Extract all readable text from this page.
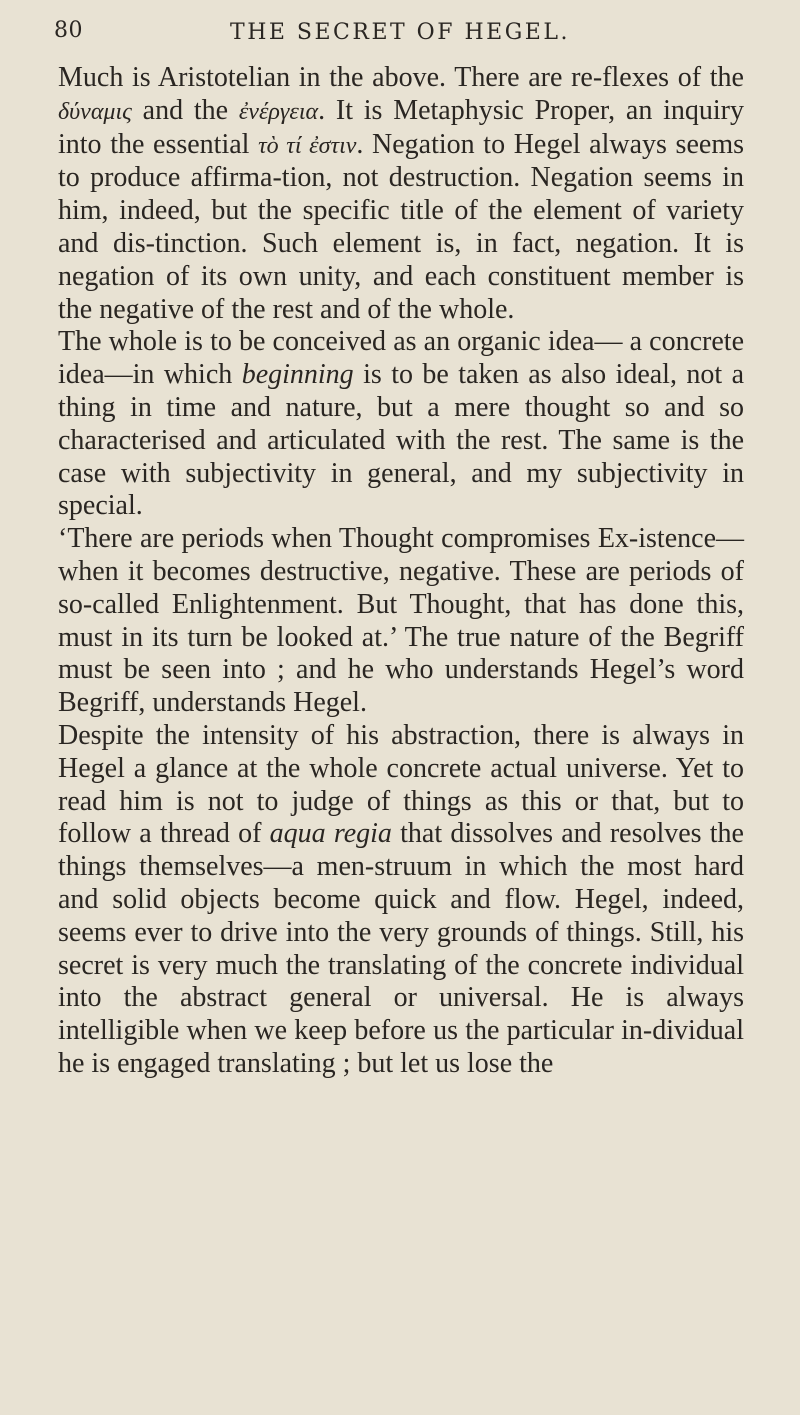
80	THE SECRET OF HEGEL.

Much is Aristotelian in the above. There are re-flexes of the δύναμις and the ἐνέργεια. It is Metaphysic Proper, an inquiry into the essential τὸ τί ἐστιν. Negation to Hegel always seems to produce affirma-tion, not destruction. Negation seems in him, indeed, but the specific title of the element of variety and dis-tinction. Such element is, in fact, negation. It is negation of its own unity, and each constituent member is the negative of the rest and of the whole.

The whole is to be conceived as an organic idea— a concrete idea—in which beginning is to be taken as also ideal, not a thing in time and nature, but a mere thought so and so characterised and articulated with the rest. The same is the case with subjectivity in general, and my subjectivity in special.

‘There are periods when Thought compromises Ex-istence—when it becomes destructive, negative. These are periods of so-called Enlightenment. But Thought, that has done this, must in its turn be looked at.’ The true nature of the Begriff must be seen into ; and he who understands Hegel’s word Begriff, understands Hegel.

Despite the intensity of his abstraction, there is always in Hegel a glance at the whole concrete actual universe. Yet to read him is not to judge of things as this or that, but to follow a thread of aqua regia that dissolves and resolves the things themselves—a men-struum in which the most hard and solid objects become quick and flow. Hegel, indeed, seems ever to drive into the very grounds of things. Still, his secret is very much the translating of the concrete individual into the abstract general or universal. He is always intelligible when we keep before us the particular in-dividual he is engaged translating ; but let us lose the
